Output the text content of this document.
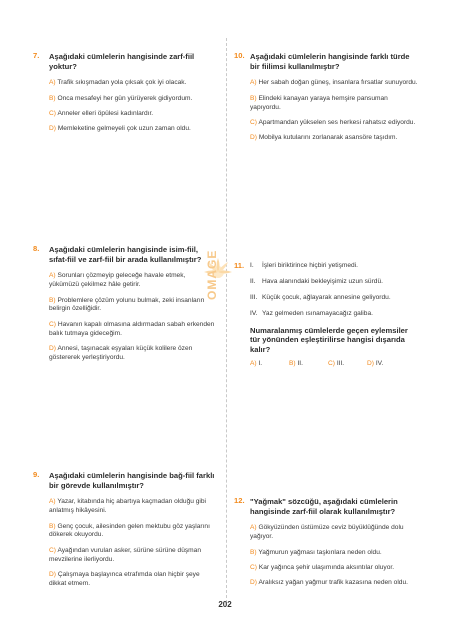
7. Aşağıdaki cümlelerin hangisinde zarf-fiil yoktur?
A) Trafik sıkışmadan yola çıksak çok iyi olacak.
B) Onca mesafeyi her gün yürüyerek gidiyordum.
C) Anneler elleri öpülesi kadınlardır.
D) Memleketine gelmeyeli çok uzun zaman oldu.
8. Aşağıdaki cümlelerin hangisinde isim-fiil, sıfat-fiil ve zarf-fiil bir arada kullanılmıştır?
A) Sorunları çözmeyip geleceğe havale etmek, yükümüzü çekilmez hâle getirir.
B) Problemlere çözüm yolunu bulmak, zeki insanların belirgin özelliğidir.
C) Havanın kapalı olmasına aldırmadan sabah erkenden balık tutmaya gideceğim.
D) Annesi, taşınacak eşyaları küçük kolilere özen göstererek yerleştiriyordu.
9. Aşağıdaki cümlelerin hangisinde bağ-fiil farklı bir görevde kullanılmıştır?
A) Yazar, kitabında hiç abartıya kaçmadan olduğu gibi anlatmış hikâyesini.
B) Genç çocuk, ailesinden gelen mektubu göz yaşlarını dökerek okuyordu.
C) Ayağından vurulan asker, sürüne sürüne düşman mevzilerine ilerliyordu.
D) Çalışmaya başlayınca etrafımda olan hiçbir şeye dikkat etmem.
10. Aşağıdaki cümlelerin hangisinde farklı türde bir fiilimsi kullanılmıştır?
A) Her sabah doğan güneş, insanlara fırsatlar sunuyordu.
B) Elindeki kanayan yaraya hemşire pansuman yapıyordu.
C) Apartmandan yükselen ses herkesi rahatsız ediyordu.
D) Mobilya kutularını zorlanarak asansöre taşıdım.
11. I. İşleri biriktirince hiçbiri yetişmedi.
II. Hava alanındaki bekleyişimiz uzun sürdü.
III. Küçük çocuk, ağlayarak annesine geliyordu.
IV. Yaz gelmeden ısınamayacağız galiba.
Numaralanmış cümlelerde geçen eylemsiler tür yönünden eşleştirilirse hangisi dışarıda kalır?
A) I.	B) II.	C) III.	D) IV.
12. "Yağmak" sözcüğü, aşağıdaki cümlelerin hangisinde zarf-fiil olarak kullanılmıştır?
A) Gökyüzünden üstümüze ceviz büyüklüğünde dolu yağıyor.
B) Yağmurun yağması taşkınlara neden oldu.
C) Kar yağınca şehir ulaşımında aksıntılar oluyor.
D) Aralıksız yağan yağmur trafik kazasına neden oldu.
OMAGE
202
